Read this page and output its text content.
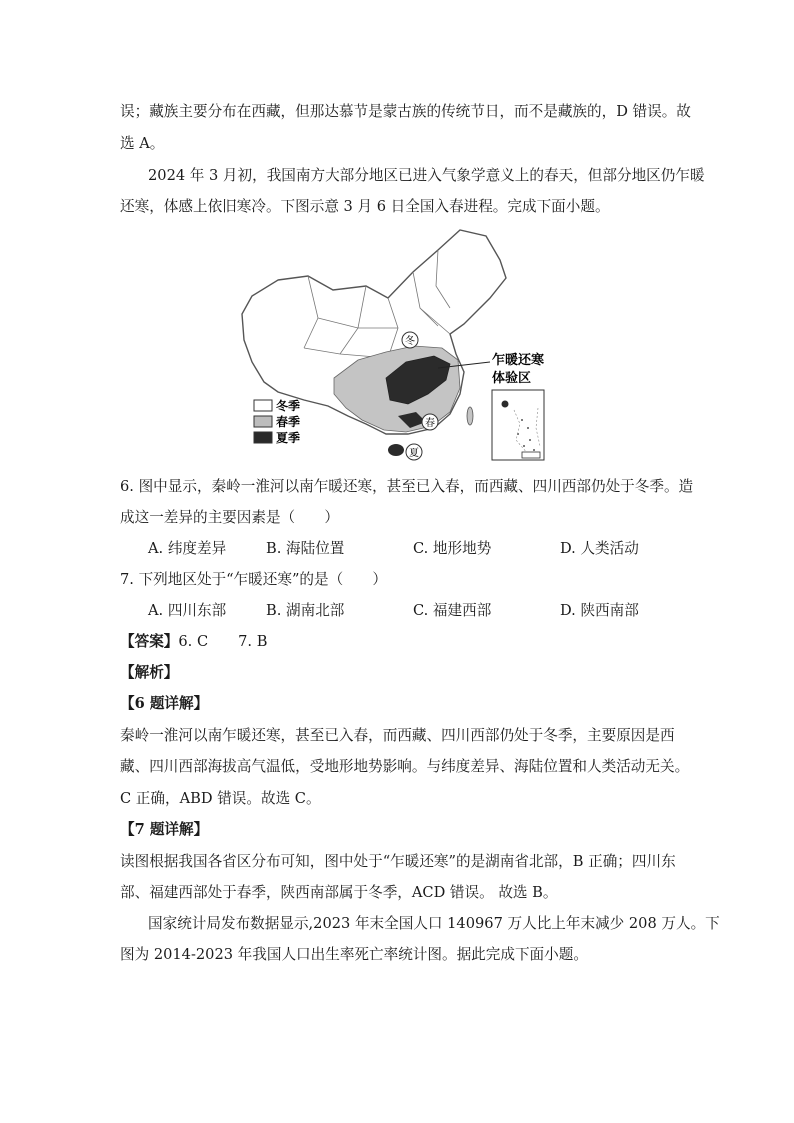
误；藏族主要分布在西藏，但那达慕节是蒙古族的传统节日，而不是藏族的，D 错误。故
选 A。
2024 年 3 月初，我国南方大部分地区已进入气象学意义上的春天，但部分地区仍乍暖
还寒，体感上依旧寒冷。下图示意 3 月 6 日全国入春进程。完成下面小题。
冬
春
夏
乍暖还寒
体验区
冬季
春季
夏季
6. 图中显示，秦岭一淮河以南乍暖还寒，甚至已入春，而西藏、四川西部仍处于冬季。造
成这一差异的主要因素是（　　）
A. 纬度差异	B. 海陆位置	C. 地形地势	D. 人类活动
7. 下列地区处于“乍暖还寒”的是（　　）
A. 四川东部	B. 湖南北部	C. 福建西部	D. 陕西南部
【答案】6. C 7. B
【解析】
【6 题详解】
秦岭一淮河以南乍暖还寒，甚至已入春，而西藏、四川西部仍处于冬季，主要原因是西
藏、四川西部海拔高气温低，受地形地势影响。与纬度差异、海陆位置和人类活动无关。
C 正确，ABD 错误。故选 C。
【7 题详解】
读图根据我国各省区分布可知，图中处于“乍暖还寒”的是湖南省北部，B 正确；四川东
部、福建西部处于春季，陕西南部属于冬季，ACD 错误。 故选 B。
国家统计局发布数据显示,2023 年末全国人口 140967 万人比上年末减少 208 万人。下
图为 2014-2023 年我国人口出生率死亡率统计图。据此完成下面小题。
